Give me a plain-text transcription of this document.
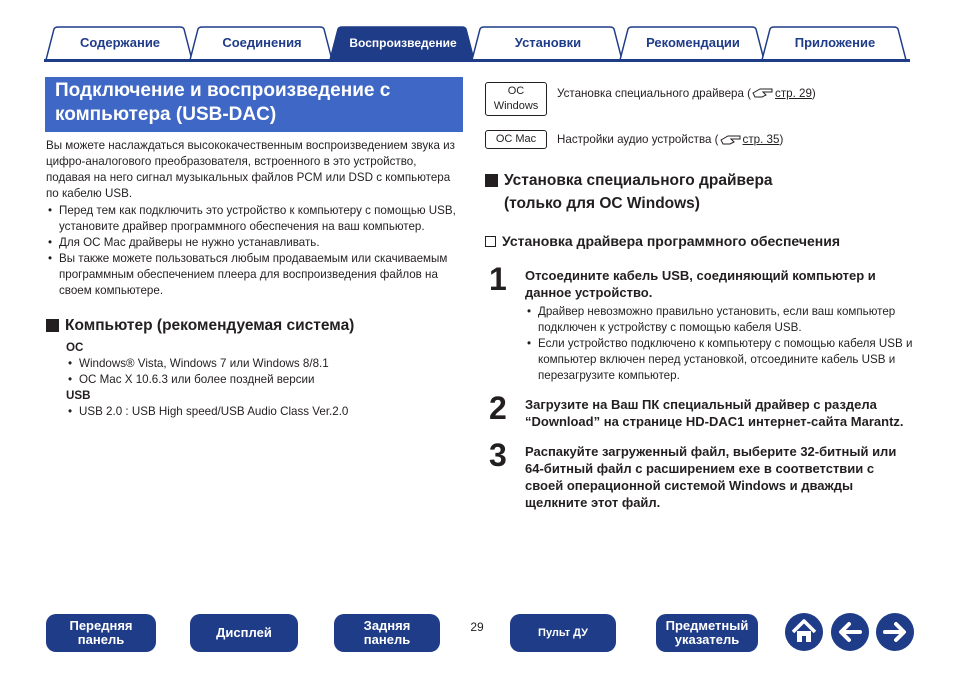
Содержание	Соединения	Воспроизведение	Установки	Рекомендации	Приложение
Подключение и воспроизведение с компьютера (USB-DAC)

Вы можете наслаждаться высококачественным воспроизведением звука из цифро-аналогового преобразователя, встроенного в это устройство, подавая на него сигнал музыкальных файлов PCM или DSD с компьютера по кабелю USB.

• Перед тем как подключить это устройство к компьютеру с помощью USB, установите драйвер программного обеспечения на ваш компьютер.
• Для ОС Mac драйверы не нужно устанавливать.
• Вы также можете пользоваться любым продаваемым или скачиваемым программным обеспечением плеера для воспроизведения файлов на своем компьютере.
Компьютер (рекомендуемая система)
ОС
• Windows® Vista, Windows 7 или Windows 8/8.1
• ОС Mac X 10.6.3 или более поздней версии
USB
• USB 2.0 : USB High speed/USB Audio Class Ver.2.0
ОС
Windows
Установка специального драйвера ( стр. 29)
ОС Mac	Настройки аудио устройства ( стр. 35)
Установка специального драйвера
(только для ОС Windows)
Установка драйвера программного обеспечения
1 Отсоедините кабель USB, соединяющий компьютер и данное устройство.
• Драйвер невозможно правильно установить, если ваш компьютер подключен к устройству с помощью кабеля USB.
• Если устройство подключено к компьютеру с помощью кабеля USB и компьютер включен перед установкой, отсоедините кабель USB и перезагрузите компьютер.
2 Загрузите на Ваш ПК специальный драйвер с раздела “Download” на странице HD-DAC1 интернет-сайта Marantz.
3 Распакуйте загруженный файл, выберите 32-битный или 64-битный файл с расширением exe в соответствии с своей операционной системой Windows и дважды щелкните этот файл.
Передняя панель	Дисплей	Задняя панель
29	Пульт ДУ	Предметный указатель
